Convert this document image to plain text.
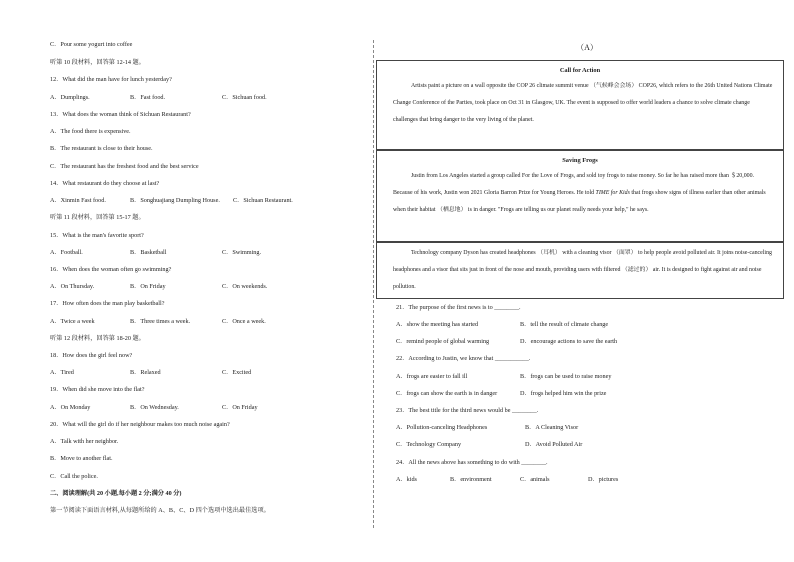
C．Pour some yogurt into coffee
听第 10 段材料，回答第 12-14 题。
12．What did the man have for lunch yesterday?
A．Dumplings.	B．Fast food.	C．Sichuan food.
13．What does the woman think of Sichuan Restaurant?
A．The food there is expensive.
B．The restaurant is close to their house.
C．The restaurant has the freshest food and the best service
14．What restaurant do they choose at last?
A．Xinmin Fast food.	B．Songhuajiang Dumpling House. C．Sichuan Restaurant.
听第 11 段材料，回答第 15-17 题。
15．What is the man's favorite sport?
A．Football.	B．Basketball	C．Swimming.
16．When does the woman often go swimming?
A．On Thursday.	B．On Friday	C．On weekends.
17．How often does the man play basketball?
A．Twice a week	B．Three times a week.	C．Once a week.
听第 12 段材料，回答第 18-20 题。
18．How does the girl feel now?
A．Tired	B．Relaxed	C．Excited
19．When did she move into the flat?
A．On Monday	B．On Wednesday.	C．On Friday
20．What will the girl do if her neighbour makes too much noise again?
A．Talk with her neighbor.
B．Move to another flat.
C．Call the police.
二、阅读理解(共 20 小题,每小题 2 分;满分 40 分)
第一节阅读下面语言材料,从每题所给的 A、B、C、D 四个选项中选出最佳选项。
（A）
Call for Action
Artists paint a picture on a wall opposite the COP 26 climate summit venue （气候峰会会场） COP26, which refers to the 26th United Nations Climate Change Conference of the Parties, took place on Oct 31 in Glasgow, UK. The event is supposed to offer world leaders a chance to solve climate change challenges that bring danger to the very living of the planet.
Saving Frogs
Justin from Los Angeles started a group called For the Love of Frogs, and sold toy frogs to raise money. So far he has raised more than ＄20,000. Because of his work, Justin won 2021 Gloria Barron Prize for Young Heroes. He told TIME for Kids that frogs show signs of illness earlier than other animals when their habitat （栖息地） is in danger. "Frogs are telling us our planet really needs your help," he says.
Technology company Dyson has created headphones （耳机） with a cleaning visor （面罩） to help people avoid polluted air. It joins noise-canceling headphones and a visor that sits just in front of the nose and mouth, providing users with filtered （滤过的） air. It is designed to fight against air and noise pollution.
21．The purpose of the first news is to ________.
A．show the meeting has started	B．tell the result of climate change
C．remind people of global warming	D．encourage actions to save the earth
22．According to Justin, we know that ___________.
A．frogs are easier to fall ill	B．frogs can be used to raise money
C．frogs can show the earth is in danger	D．frogs helped him win the prize
23．The best title for the third news would be ________.
A．Pollution-canceling Headphones	B．A Cleaning Visor
C．Technology Company	D．Avoid Polluted Air
24．All the news above has something to do with ________.
A．kids	B．environment	C．animals	D．pictures
